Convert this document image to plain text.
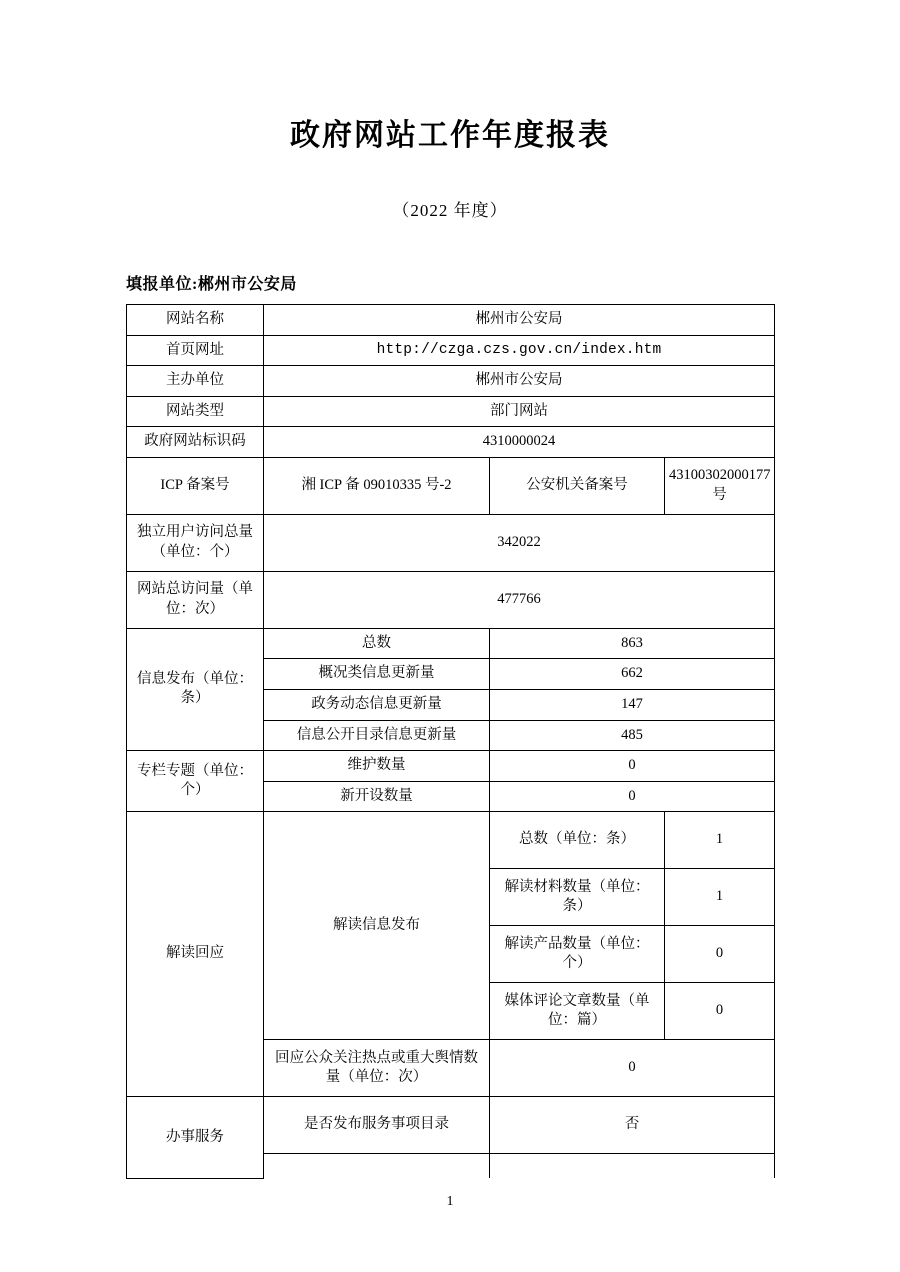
政府网站工作年度报表

（2022 年度）

填报单位:郴州市公安局

网站名称	郴州市公安局		
首页网址	http://czga.czs.gov.cn/index.htm		
主办单位	郴州市公安局		
网站类型	部门网站		
政府网站标识码	4310000024		
ICP 备案号	湘 ICP 备 09010335 号-2	公安机关备案号	43100302000177 号
独立用户访问总量（单位：个）	342022		
网站总访问量（单位：次）	477766		
信息发布（单位：条）	总数	863	
	概况类信息更新量	662	
	政务动态信息更新量	147	
	信息公开目录信息更新量	485	
专栏专题（单位：个）	维护数量	0	
	新开设数量	0	
解读回应	解读信息发布	总数（单位：条）	1
		解读材料数量（单位：条）	1
		解读产品数量（单位：个）	0
		媒体评论文章数量（单位：篇）	0
	回应公众关注热点或重大舆情数量（单位：次）	0	
办事服务	是否发布服务事项目录	否	

1
